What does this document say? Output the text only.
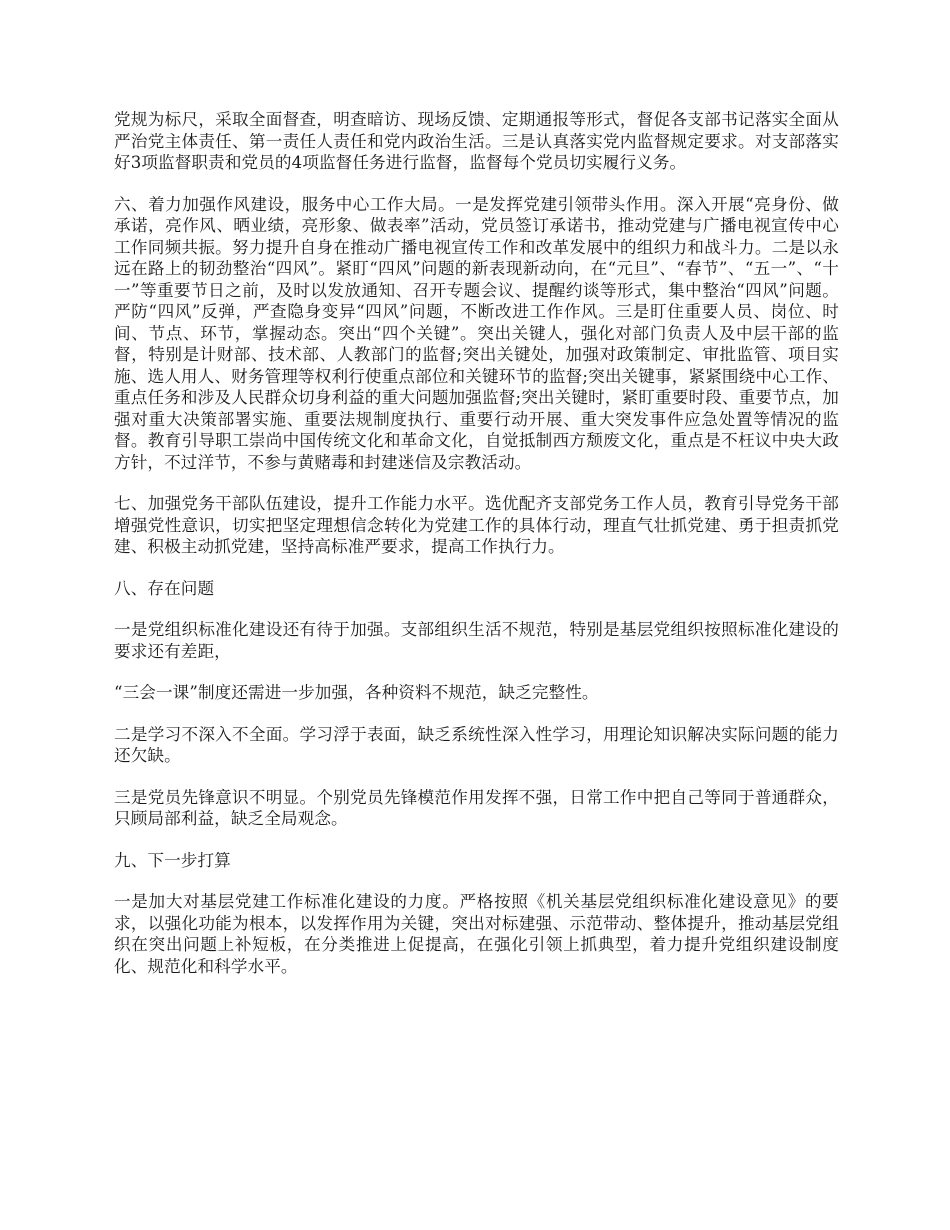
党规为标尺，采取全面督查，明查暗访、现场反馈、定期通报等形式，督促各支部书记落实全面从严治党主体责任、第一责任人责任和党内政治生活。三是认真落实党内监督规定要求。对支部落实好3项监督职责和党员的4项监督任务进行监督，监督每个党员切实履行义务。

六、着力加强作风建设，服务中心工作大局。一是发挥党建引领带头作用。深入开展“亮身份、做承诺，亮作风、晒业绩，亮形象、做表率”活动，党员签订承诺书，推动党建与广播电视宣传中心工作同频共振。努力提升自身在推动广播电视宣传工作和改革发展中的组织力和战斗力。二是以永远在路上的韧劲整治“四风”。紧盯“四风”问题的新表现新动向，在“元旦”、“春节”、“五一”、“十一”等重要节日之前，及时以发放通知、召开专题会议、提醒约谈等形式，集中整治“四风”问题。严防“四风”反弹，严查隐身变异“四风”问题，不断改进工作作风。三是盯住重要人员、岗位、时间、节点、环节，掌握动态。突出“四个关键”。突出关键人，强化对部门负责人及中层干部的监督，特别是计财部、技术部、人教部门的监督;突出关键处，加强对政策制定、审批监管、项目实施、选人用人、财务管理等权利行使重点部位和关键环节的监督;突出关键事，紧紧围绕中心工作、重点任务和涉及人民群众切身利益的重大问题加强监督;突出关键时，紧盯重要时段、重要节点，加强对重大决策部署实施、重要法规制度执行、重要行动开展、重大突发事件应急处置等情况的监督。教育引导职工崇尚中国传统文化和革命文化，自觉抵制西方颓废文化，重点是不枉议中央大政方针，不过洋节，不参与黄赌毒和封建迷信及宗教活动。

七、加强党务干部队伍建设，提升工作能力水平。选优配齐支部党务工作人员，教育引导党务干部增强党性意识，切实把坚定理想信念转化为党建工作的具体行动，理直气壮抓党建、勇于担责抓党建、积极主动抓党建，坚持高标准严要求，提高工作执行力。

八、存在问题

一是党组织标准化建设还有待于加强。支部组织生活不规范，特别是基层党组织按照标准化建设的要求还有差距，

“三会一课”制度还需进一步加强，各种资料不规范，缺乏完整性。

二是学习不深入不全面。学习浮于表面，缺乏系统性深入性学习，用理论知识解决实际问题的能力还欠缺。

三是党员先锋意识不明显。个别党员先锋模范作用发挥不强，日常工作中把自己等同于普通群众，只顾局部利益，缺乏全局观念。

九、下一步打算

一是加大对基层党建工作标准化建设的力度。严格按照《机关基层党组织标准化建设意见》的要求，以强化功能为根本，以发挥作用为关键，突出对标建强、示范带动、整体提升，推动基层党组织在突出问题上补短板，在分类推进上促提高，在强化引领上抓典型，着力提升党组织建设制度化、规范化和科学水平。
